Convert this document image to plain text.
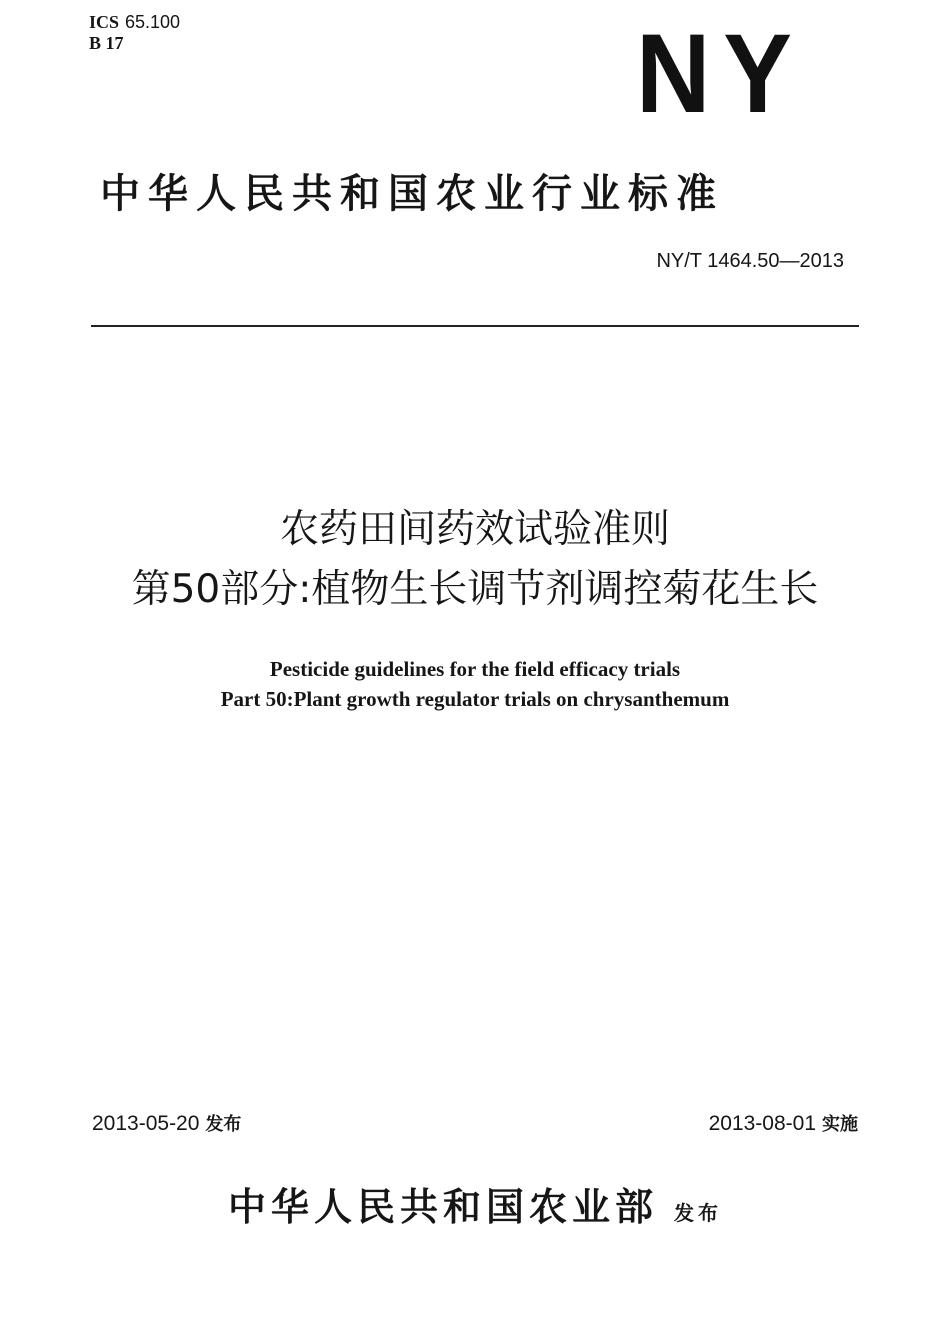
ICS 65.100
B 17	NY
中华人民共和国农业行业标准
NY/T 1464.50—2013
农药田间药效试验准则
第50部分:植物生长调节剂调控菊花生长
Pesticide guidelines for the field efficacy trials
Part 50:Plant growth regulator trials on chrysanthemum
2013-05-20 发布	2013-08-01 实施
中华人民共和国农业部 发布
